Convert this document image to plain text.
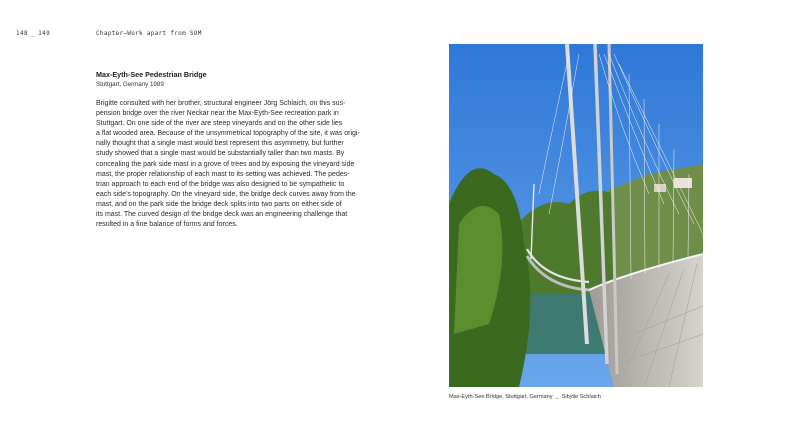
148 _ 149	Chapter—Work apart from SOM
Max-Eyth-See Pedestrian Bridge
Stuttgart, Germany 1989
Brigitte consulted with her brother, structural engineer Jörg Schlaich, on this sus-
pension bridge over the river Neckar near the Max-Eyth-See recreation park in
Stuttgart. On one side of the river are steep vineyards and on the other side lies
a flat wooded area. Because of the unsymmetrical topography of the site, it was origi-
nally thought that a single mast would best represent this asymmetry, but further
study showed that a single mast would be substantially taller than two masts. By
concealing the park side mast in a grove of trees and by exposing the vineyard side
mast, the proper relationship of each mast to its setting was achieved. The pedes-
trian approach to each end of the bridge was also designed to be sympathetic to
each side’s topography. On the vineyard side, the bridge deck curves away from the
mast, and on the park side the bridge deck splits into two parts on either side of
its mast. The curved design of the bridge deck was an engineering challenge that
resulted in a fine balance of forms and forces.
Max-Eyth-See Bridge, Stuttgart, Germany _ Sibylle Schlaich
